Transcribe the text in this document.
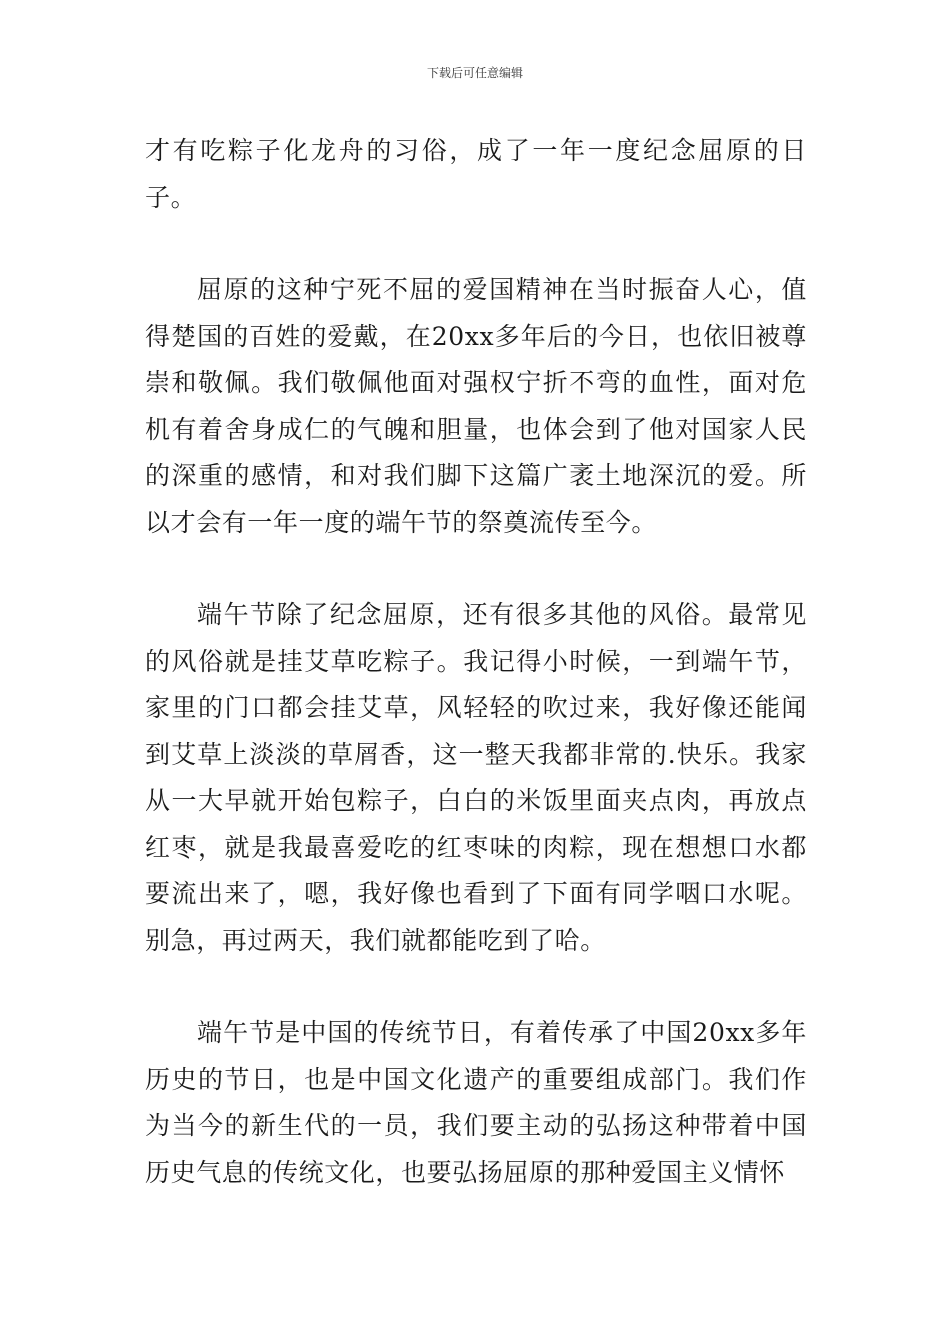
下载后可任意编辑

才有吃粽子化龙舟的习俗，成了一年一度纪念屈原的日子。

屈原的这种宁死不屈的爱国精神在当时振奋人心，值得楚国的百姓的爱戴，在20xx多年后的今日，也依旧被尊崇和敬佩。我们敬佩他面对强权宁折不弯的血性，面对危机有着舍身成仁的气魄和胆量，也体会到了他对国家人民的深重的感情，和对我们脚下这篇广袤土地深沉的爱。所以才会有一年一度的端午节的祭奠流传至今。

端午节除了纪念屈原，还有很多其他的风俗。最常见的风俗就是挂艾草吃粽子。我记得小时候，一到端午节，家里的门口都会挂艾草，风轻轻的吹过来，我好像还能闻到艾草上淡淡的草屑香，这一整天我都非常的.快乐。我家从一大早就开始包粽子，白白的米饭里面夹点肉，再放点红枣，就是我最喜爱吃的红枣味的肉粽，现在想想口水都要流出来了，嗯，我好像也看到了下面有同学咽口水呢。别急，再过两天，我们就都能吃到了哈。

端午节是中国的传统节日，有着传承了中国20xx多年历史的节日，也是中国文化遗产的重要组成部门。我们作为当今的新生代的一员，我们要主动的弘扬这种带着中国历史气息的传统文化，也要弘扬屈原的那种爱国主义情怀
